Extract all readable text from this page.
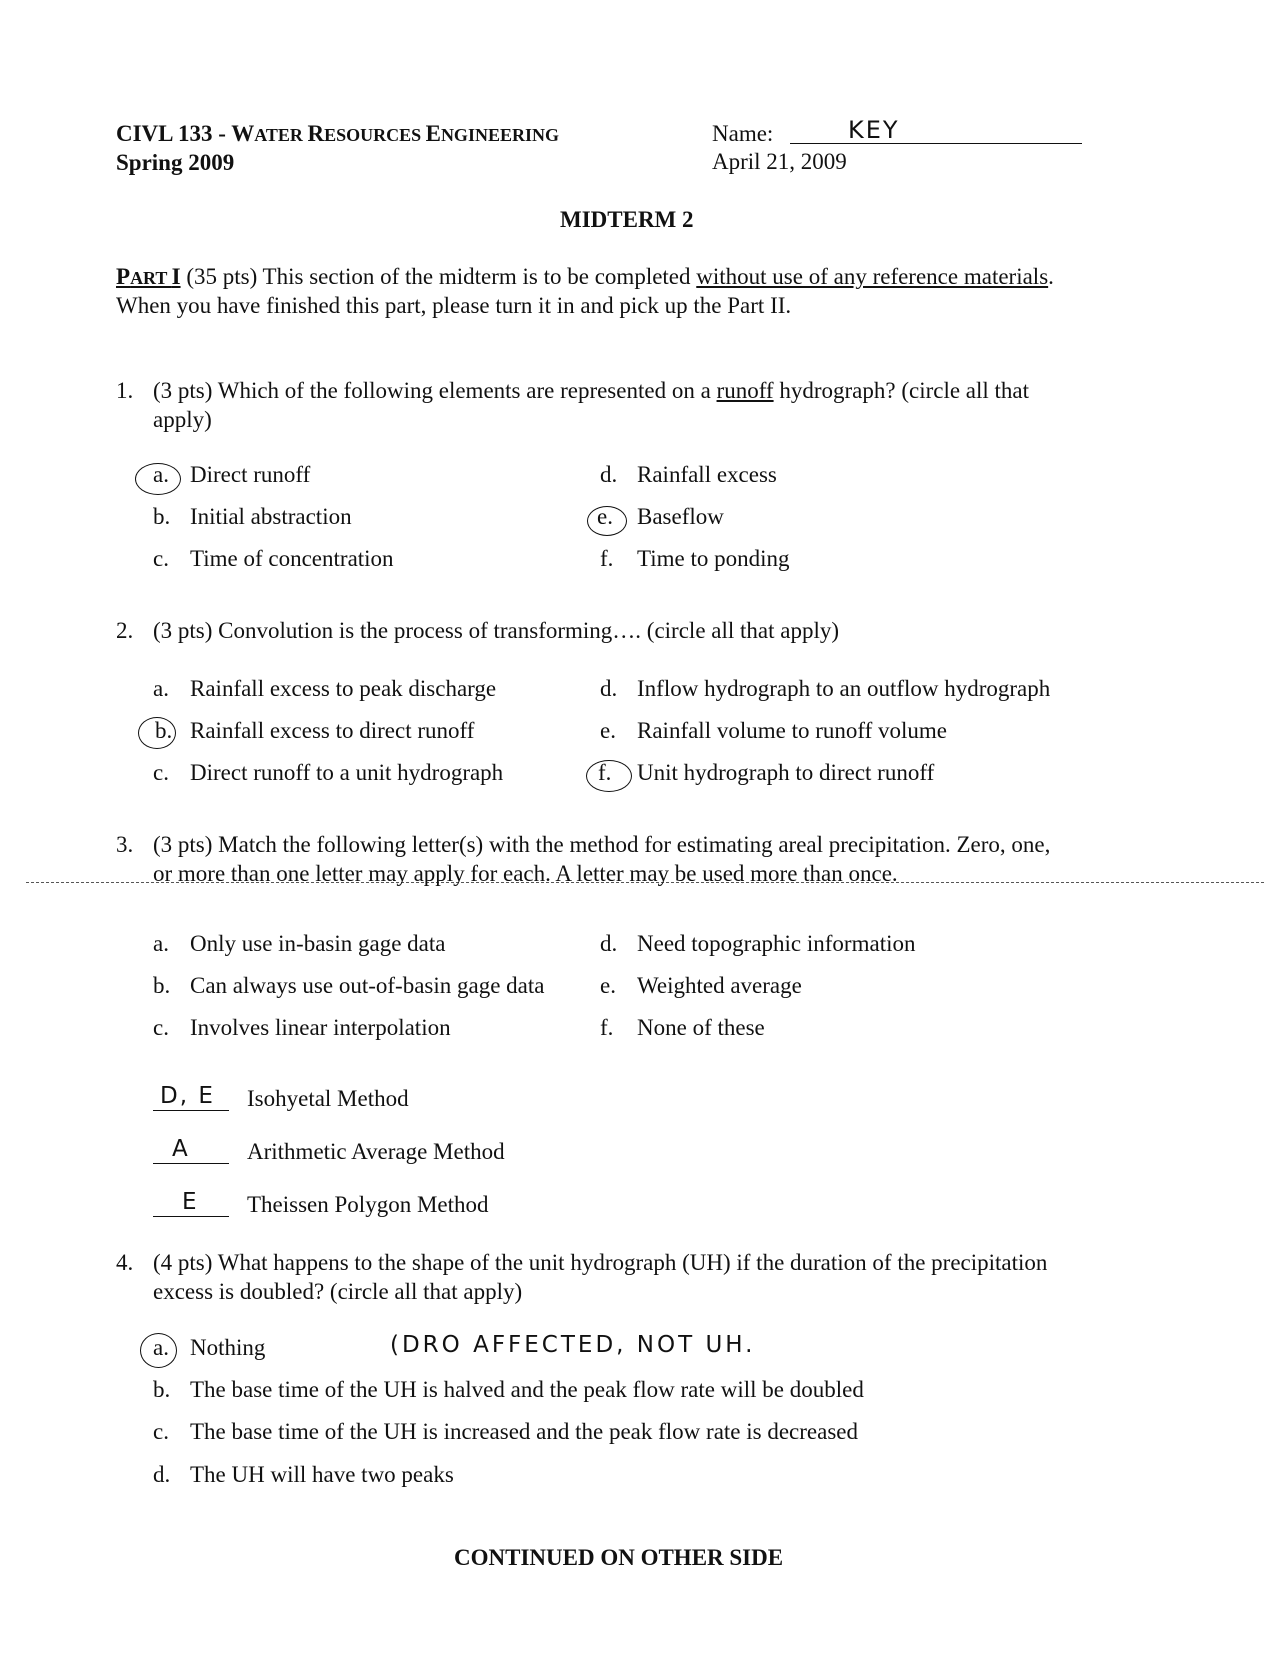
CIVL 133 - WATER RESOURCES ENGINEERING
Spring 2009
Name:	KEY
April 21, 2009
MIDTERM 2
PART I (35 pts) This section of the midterm is to be completed without use of any reference materials.
When you have finished this part, please turn it in and pick up the Part II.
1. (3 pts) Which of the following elements are represented on a runoff hydrograph? (circle all that
apply)
a. Direct runoff
b. Initial abstraction
c. Time of concentration
d. Rainfall excess
e. Baseflow
f. Time to ponding
2. (3 pts) Convolution is the process of transforming…. (circle all that apply)
a. Rainfall excess to peak discharge
b. Rainfall excess to direct runoff
c. Direct runoff to a unit hydrograph
d. Inflow hydrograph to an outflow hydrograph
e. Rainfall volume to runoff volume
f. Unit hydrograph to direct runoff
3. (3 pts) Match the following letter(s) with the method for estimating areal precipitation. Zero, one,
or more than one letter may apply for each. A letter may be used more than once.
a. Only use in-basin gage data
b. Can always use out-of-basin gage data
c. Involves linear interpolation
d. Need topographic information
e. Weighted average
f. None of these
D, E Isohyetal Method
A Arithmetic Average Method
E Theissen Polygon Method
4. (4 pts) What happens to the shape of the unit hydrograph (UH) if the duration of the precipitation
excess is doubled? (circle all that apply)
a. Nothing	(DRO AFFECTED, NOT UH.
b. The base time of the UH is halved and the peak flow rate will be doubled
c. The base time of the UH is increased and the peak flow rate is decreased
d. The UH will have two peaks
CONTINUED ON OTHER SIDE
